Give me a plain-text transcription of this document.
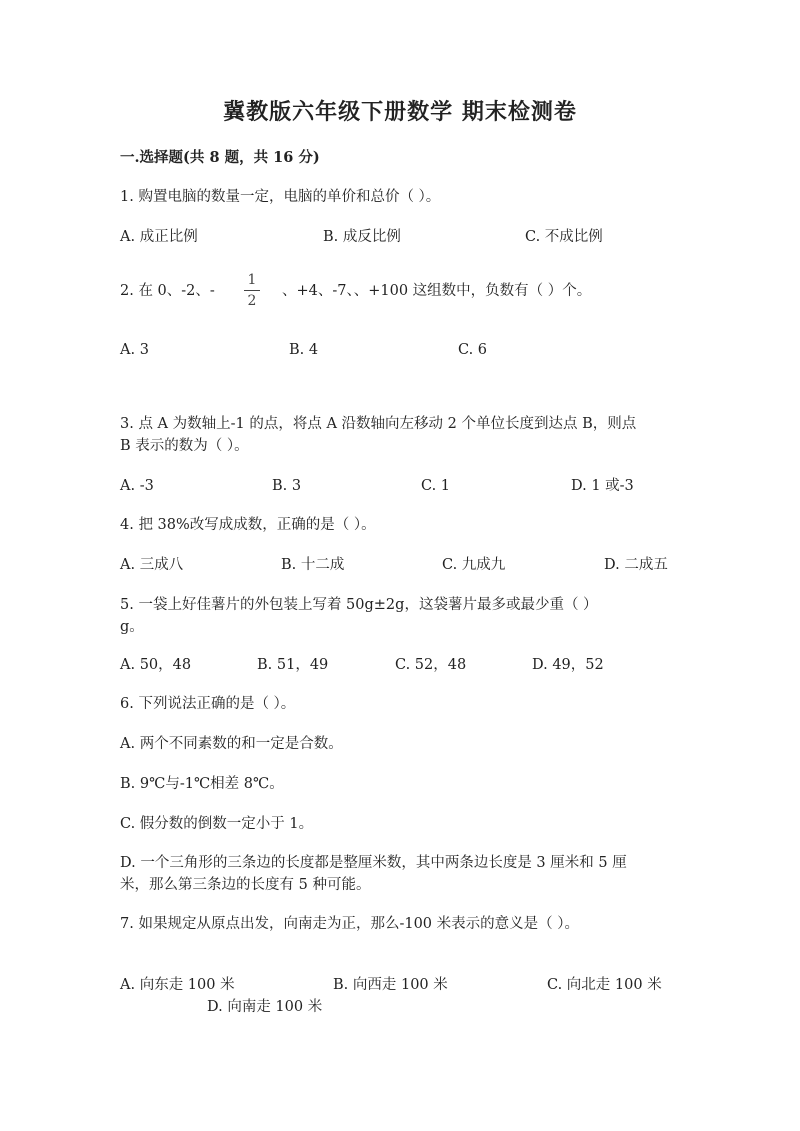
冀教版六年级下册数学 期末检测卷
一.选择题(共 8 题，共 16 分)
1. 购置电脑的数量一定，电脑的单价和总价（ ）。
A. 成正比例	B. 成反比例	C. 不成比例
2. 在 0、-2、-
1
2
、+4、-7、、+100 这组数中，负数有（ ）个。
A. 3	B. 4	C. 6
3. 点 A 为数轴上-1 的点，将点 A 沿数轴向左移动 2 个单位长度到达点 B，则点
B 表示的数为（ ）。
A. -3	B. 3	C. 1	D. 1 或-3
4. 把 38%改写成成数，正确的是（ ）。
A. 三成八	B. 十二成	C. 九成九	D. 二成五
5. 一袋上好佳薯片的外包装上写着 50g±2g，这袋薯片最多或最少重（ ）
g。
A. 50，48	B. 51，49	C. 52，48	D. 49，52
6. 下列说法正确的是（ ）。
A. 两个不同素数的和一定是合数。
B. 9℃与-1℃相差 8℃。
C. 假分数的倒数一定小于 1。
D. 一个三角形的三条边的长度都是整厘米数，其中两条边长度是 3 厘米和 5 厘
米，那么第三条边的长度有 5 种可能。
7. 如果规定从原点出发，向南走为正，那么-100 米表示的意义是（ ）。
A. 向东走 100 米	B. 向西走 100 米	C. 向北走 100 米
D. 向南走 100 米
